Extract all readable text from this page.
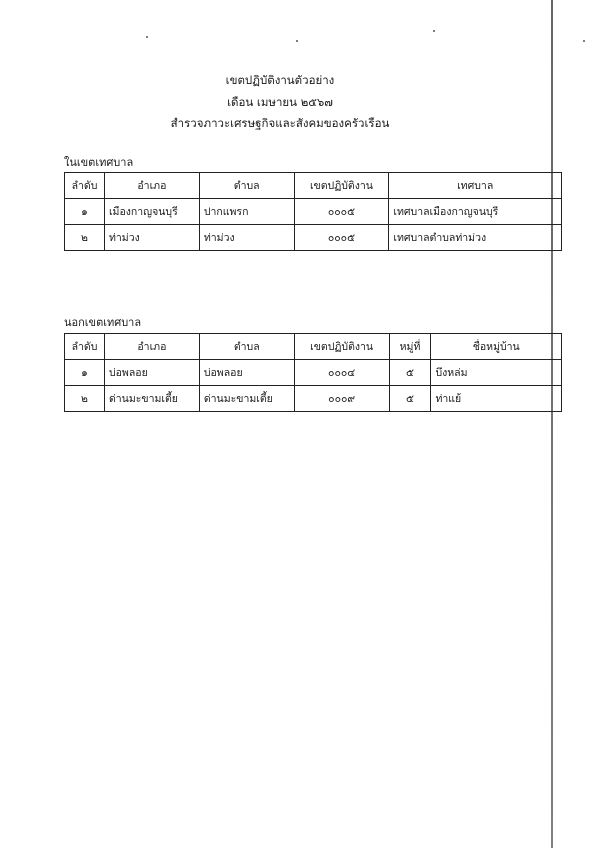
เขตปฏิบัติงานตัวอย่าง
เดือน เมษายน ๒๕๖๗
สำรวจภาวะเศรษฐกิจและสังคมของครัวเรือน
ในเขตเทศบาล
ลำดับ	อำเภอ	ตำบล	เขตปฏิบัติงาน	เทศบาล
๑	เมืองกาญจนบุรี	ปากแพรก	๐๐๐๕	เทศบาลเมืองกาญจนบุรี
๒	ท่าม่วง	ท่าม่วง	๐๐๐๕	เทศบาลตำบลท่าม่วง
นอกเขตเทศบาล
ลำดับ	อำเภอ	ตำบล	เขตปฏิบัติงาน	หมู่ที่	ชื่อหมู่บ้าน
๑	บ่อพลอย	บ่อพลอย	๐๐๐๔	๕	บึงหล่ม
๒	ด่านมะขามเตี้ย	ด่านมะขามเตี้ย	๐๐๐๙	๕	ท่าแย้
